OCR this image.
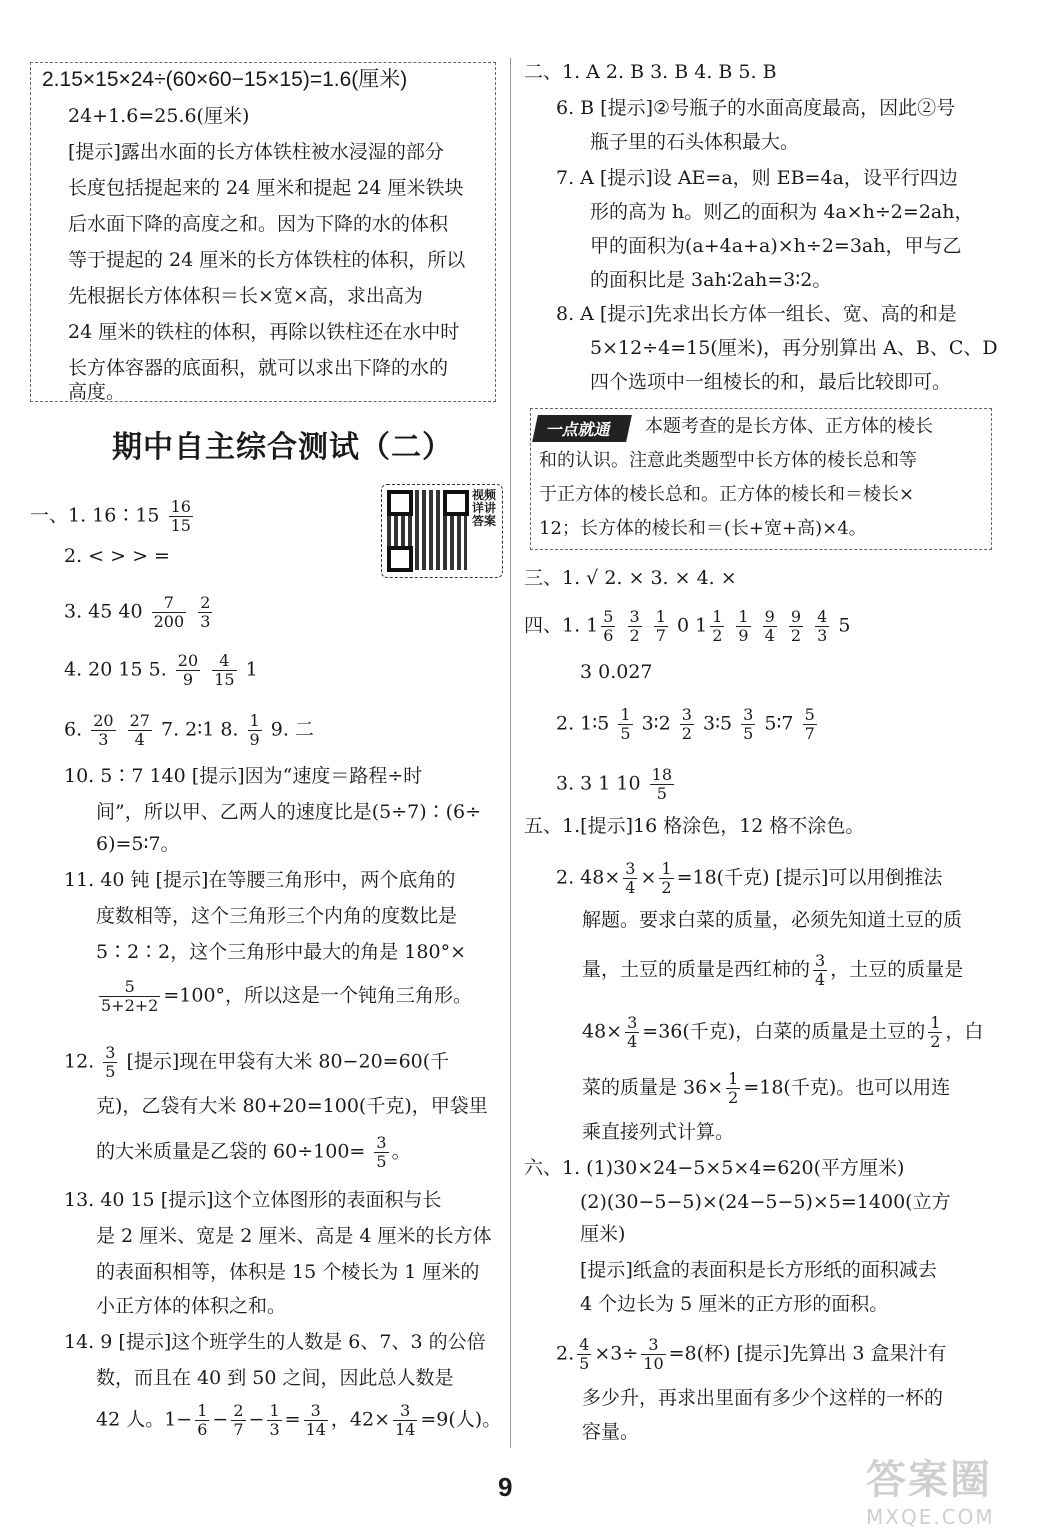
2.15×15×24÷(60×60−15×15)=1.6(厘米)
24+1.6=25.6(厘米)
[提示]露出水面的长方体铁柱被水浸湿的部分
长度包括提起来的 24 厘米和提起 24 厘米铁块
后水面下降的高度之和。因为下降的水的体积
等于提起的 24 厘米的长方体铁柱的体积，所以
先根据长方体体积＝长×宽×高，求出高为
24 厘米的铁柱的体积，再除以铁柱还在水中时
长方体容器的底面积，就可以求出下降的水的
高度。
期中自主综合测试（二）
视频详讲答案
一、1. 16∶15 $\frac{16}{15}$
2. < > > =
3. 45 $40 \frac{7}{200}$
$\frac{2}{3}$
4. 20 15 5. $\frac{20}{9}$
$\frac{4}{15} 1$
6. $\frac{20}{3}$
$\frac{27}{4} 7$. 2∶1 8. $\frac{1}{9} 9$. 二
10. 5∶7 140 [提示]因为“速度＝路程÷时
间”，所以甲、乙两人的速度比是(5÷7)∶(6÷
6)=5∶7。
11. 40 钝 [提示]在等腰三角形中，两个底角的
度数相等，这个三角形三个内角的度数比是
5∶2∶2，这个三角形中最大的角是 180°×
$\frac{5}{5+2+2} =100^\circ$，所以这是一个钝角三角形。
12. $\frac{3}{5}$ [提示]现在甲袋有大米 80−20=60(千
克)，乙袋有大米 80+20=100(千克)，甲袋里
的大米质量是乙袋的 $60\div 100= \frac{3}{5}$ 。
13. 40 15 [提示]这个立体图形的表面积与长
是 2 厘米、宽是 2 厘米、高是 4 厘米的长方体
的表面积相等，体积是 15 个棱长为 1 厘米的
小正方体的体积之和。
14. 9 [提示]这个班学生的人数是 6、7、3 的公倍
数，而且在 40 到 50 之间，因此总人数是
42 人。$1- \frac{1}{6} - \frac{2}{7} - \frac{1}{3} = \frac{3}{14}$ ，$42\times \frac{3}{14} =9$(人)。
二、1. A 2. B 3. B 4. B 5. B
6. B [提示]②号瓶子的水面高度最高，因此②号
瓶子里的石头体积最大。
7. A [提示]设 AE=a，则 EB=4a，设平行四边
形的高为 h。则乙的面积为 4a×h÷2=2ah，
甲的面积为(a+4a+a)×h÷2=3ah，甲与乙
的面积比是 3ah∶2ah=3∶2。
8. A [提示]先求出长方体一组长、宽、高的和是
5×12÷4=15(厘米)，再分别算出 A、B、C、D
四个选项中一组棱长的和，最后比较即可。
一点就通	本题考查的是长方体、正方体的棱长
和的认识。注意此类题型中长方体的棱长总和等
于正方体的棱长总和。正方体的棱长和＝棱长×
12；长方体的棱长和＝(长+宽+高)×4。
三、1. √ 2. × 3. × 4. ×
四、1. $1 \frac{5}{6}$
$\frac{3}{2}$
$\frac{1}{7} 0$ $1 \frac{1}{2}$
$\frac{1}{9}$
$\frac{9}{4}$
$\frac{9}{2}$
$\frac{4}{3} 5$
3 0.027
2. 1∶5 $\frac{1}{5}$ 3∶2 $\frac{3}{2}$ 3∶5 $\frac{3}{5}$ 5∶7 $\frac{5}{7}$
3. 3 1 $10 \frac{18}{5}$
五、1.[提示]16 格涂色，12 格不涂色。
2. $48\times \frac{3}{4} \times \frac{1}{2} =18$(千克) [提示]可以用倒推法
解题。要求白菜的质量，必须先知道土豆的质
量，土豆的质量是西红柿的 $\frac{3}{4}$ ，土豆的质量是
$48\times \frac{3}{4} =36$(千克)，白菜的质量是土豆的 $\frac{1}{2}$ ，白
菜的质量是 $36\times \frac{1}{2} =18$(千克)。也可以用连
乘直接列式计算。
六、1. (1)30×24−5×5×4=620(平方厘米)
(2)(30−5−5)×(24−5−5)×5=1400(立方
厘米)
[提示]纸盒的表面积是长方形纸的面积减去
4 个边长为 5 厘米的正方形的面积。
2. $\frac{4}{5} \times 3\div \frac{3}{10} =8$(杯) [提示]先算出 3 盒果汁有
多少升，再求出里面有多少个这样的一杯的
容量。
9	答案圈
MXQE.COM
